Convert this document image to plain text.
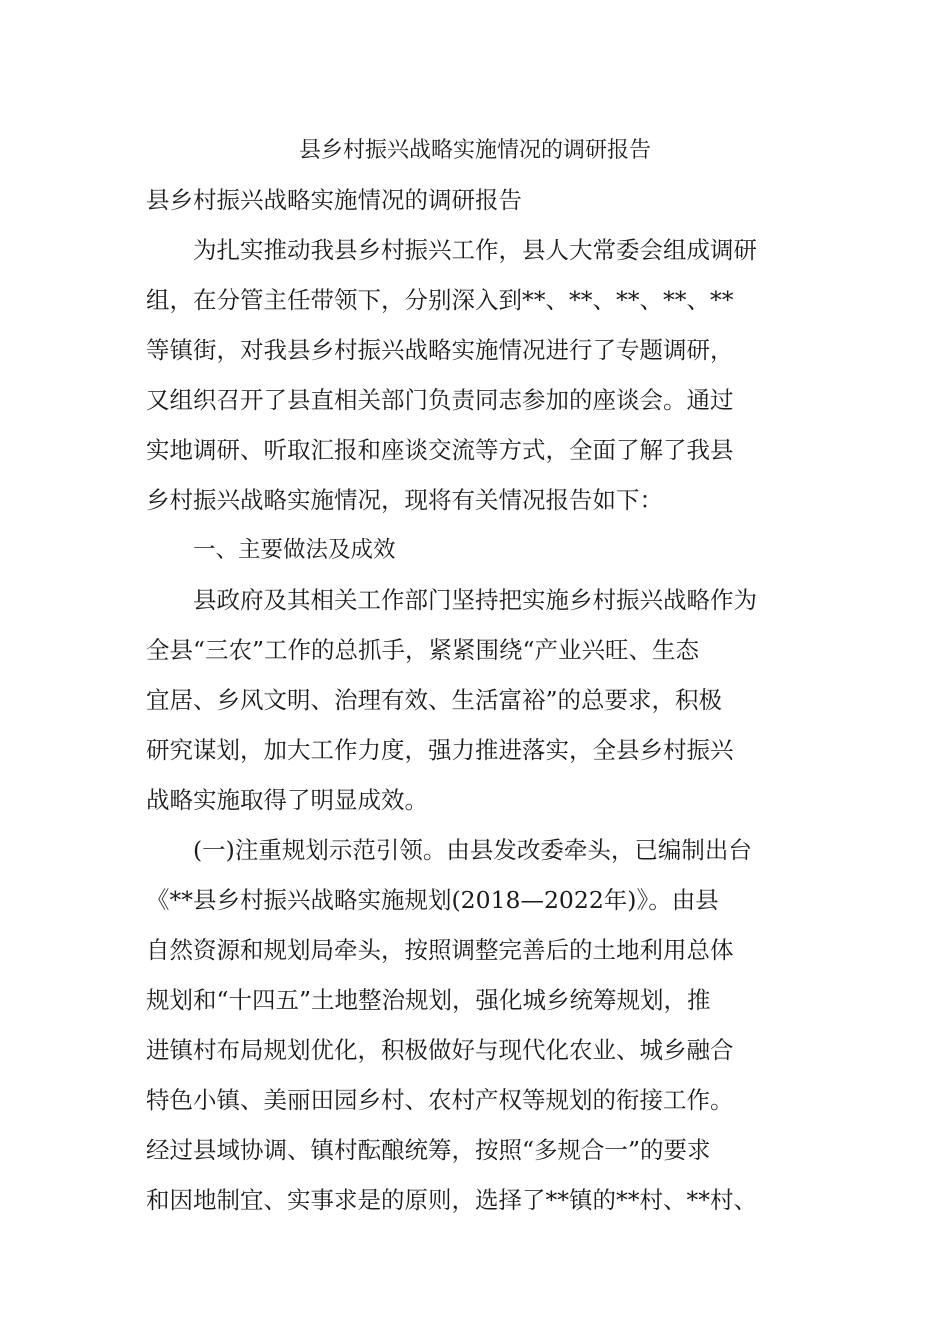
县乡村振兴战略实施情况的调研报告
县乡村振兴战略实施情况的调研报告
为扎实推动我县乡村振兴工作，县人大常委会组成调研
组，在分管主任带领下，分别深入到**、**、**、**、**
等镇街，对我县乡村振兴战略实施情况进行了专题调研，
又组织召开了县直相关部门负责同志参加的座谈会。通过
实地调研、听取汇报和座谈交流等方式，全面了解了我县
乡村振兴战略实施情况，现将有关情况报告如下：
一、主要做法及成效
县政府及其相关工作部门坚持把实施乡村振兴战略作为
全县“三农”工作的总抓手，紧紧围绕“产业兴旺、生态
宜居、乡风文明、治理有效、生活富裕”的总要求，积极
研究谋划，加大工作力度，强力推进落实，全县乡村振兴
战略实施取得了明显成效。
(一)注重规划示范引领。由县发改委牵头，已编制出台
《**县乡村振兴战略实施规划(2018—2022年)》。由县
自然资源和规划局牵头，按照调整完善后的土地利用总体
规划和“十四五”土地整治规划，强化城乡统筹规划，推
进镇村布局规划优化，积极做好与现代化农业、城乡融合
特色小镇、美丽田园乡村、农村产权等规划的衔接工作。
经过县域协调、镇村酝酿统筹，按照“多规合一”的要求
和因地制宜、实事求是的原则，选择了**镇的**村、**村、
